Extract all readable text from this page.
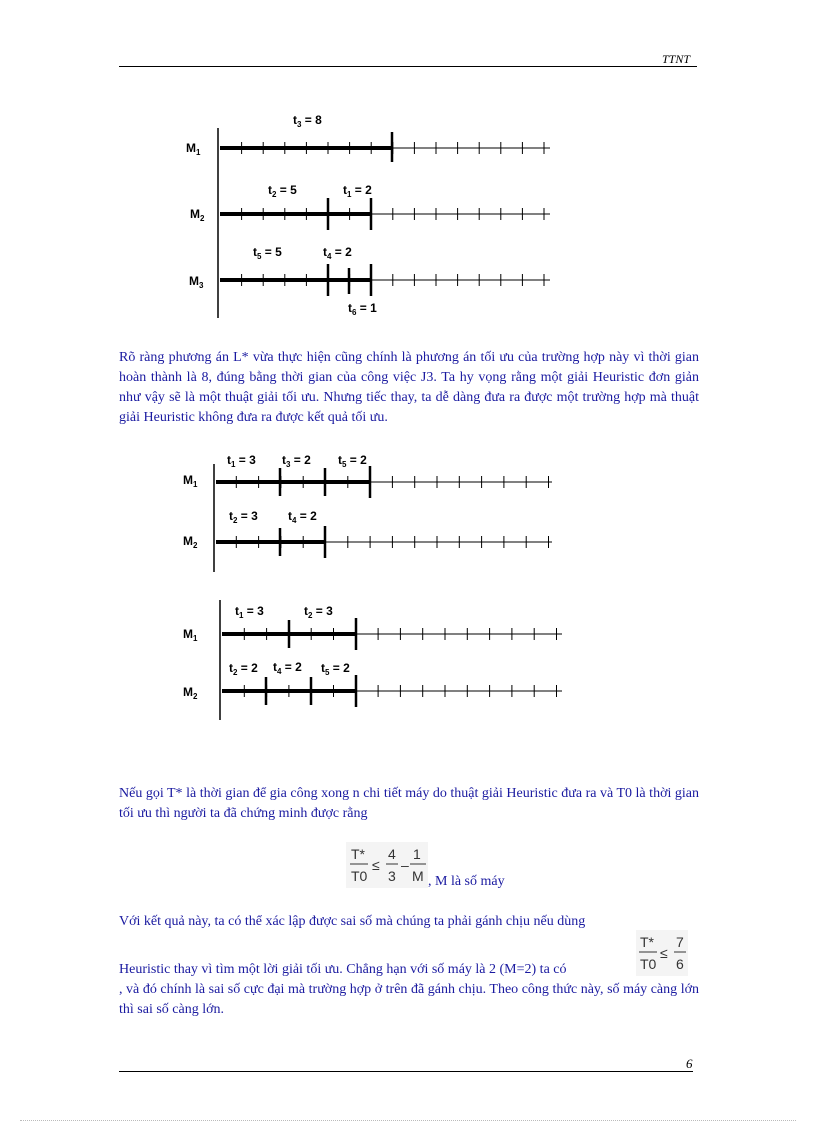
TTNT
$M_1$
$M_2$
$M_3$
$t_3 = 8$
$t_2 = 5$	$t_1 = 2$
$t_5 = 5$	$t_4 = 2$
$t_6 = 1$
Rõ ràng phương án L* vừa thực hiện cũng chính là phương án tối ưu của trường hợp này vì thời gian hoàn thành là 8, đúng bằng thời gian của công việc J3. Ta hy vọng rằng một giải Heuristic đơn giản như vậy sẽ là một thuật giải tối ưu. Nhưng tiếc thay, ta dễ dàng đưa ra được một trường hợp mà thuật giải Heuristic không đưa ra được kết quả tối ưu.
$M_1$
$M_2$
$t_1 = 3$ $t_3 = 2$ $t_5 = 2$
$t_2 = 3$	$t_4 = 2$
$M_1$
$M_2$
$t_1 = 3$	$t_2 = 3$
$t_2 = 2$ $t_4 = 2$ $t_5 = 2$
Nếu gọi T* là thời gian để gia công xong n chi tiết máy do thuật giải Heuristic đưa ra và T0 là thời gian tối ưu thì người ta đã chứng minh được rằng
T*
T0
≤
4
3
–
1
M , M là số máy
Với kết quả này, ta có thể xác lập được sai số mà chúng ta phải gánh chịu nếu dùng
Heuristic thay vì tìm một lời giải tối ưu. Chẳng hạn với số máy là 2 (M=2) ta có
T*
T0
≤
7
6
, và đó chính là sai số cực đại mà trường hợp ở trên đã gánh chịu. Theo công thức này, số máy càng lớn thì sai số càng lớn.
6
